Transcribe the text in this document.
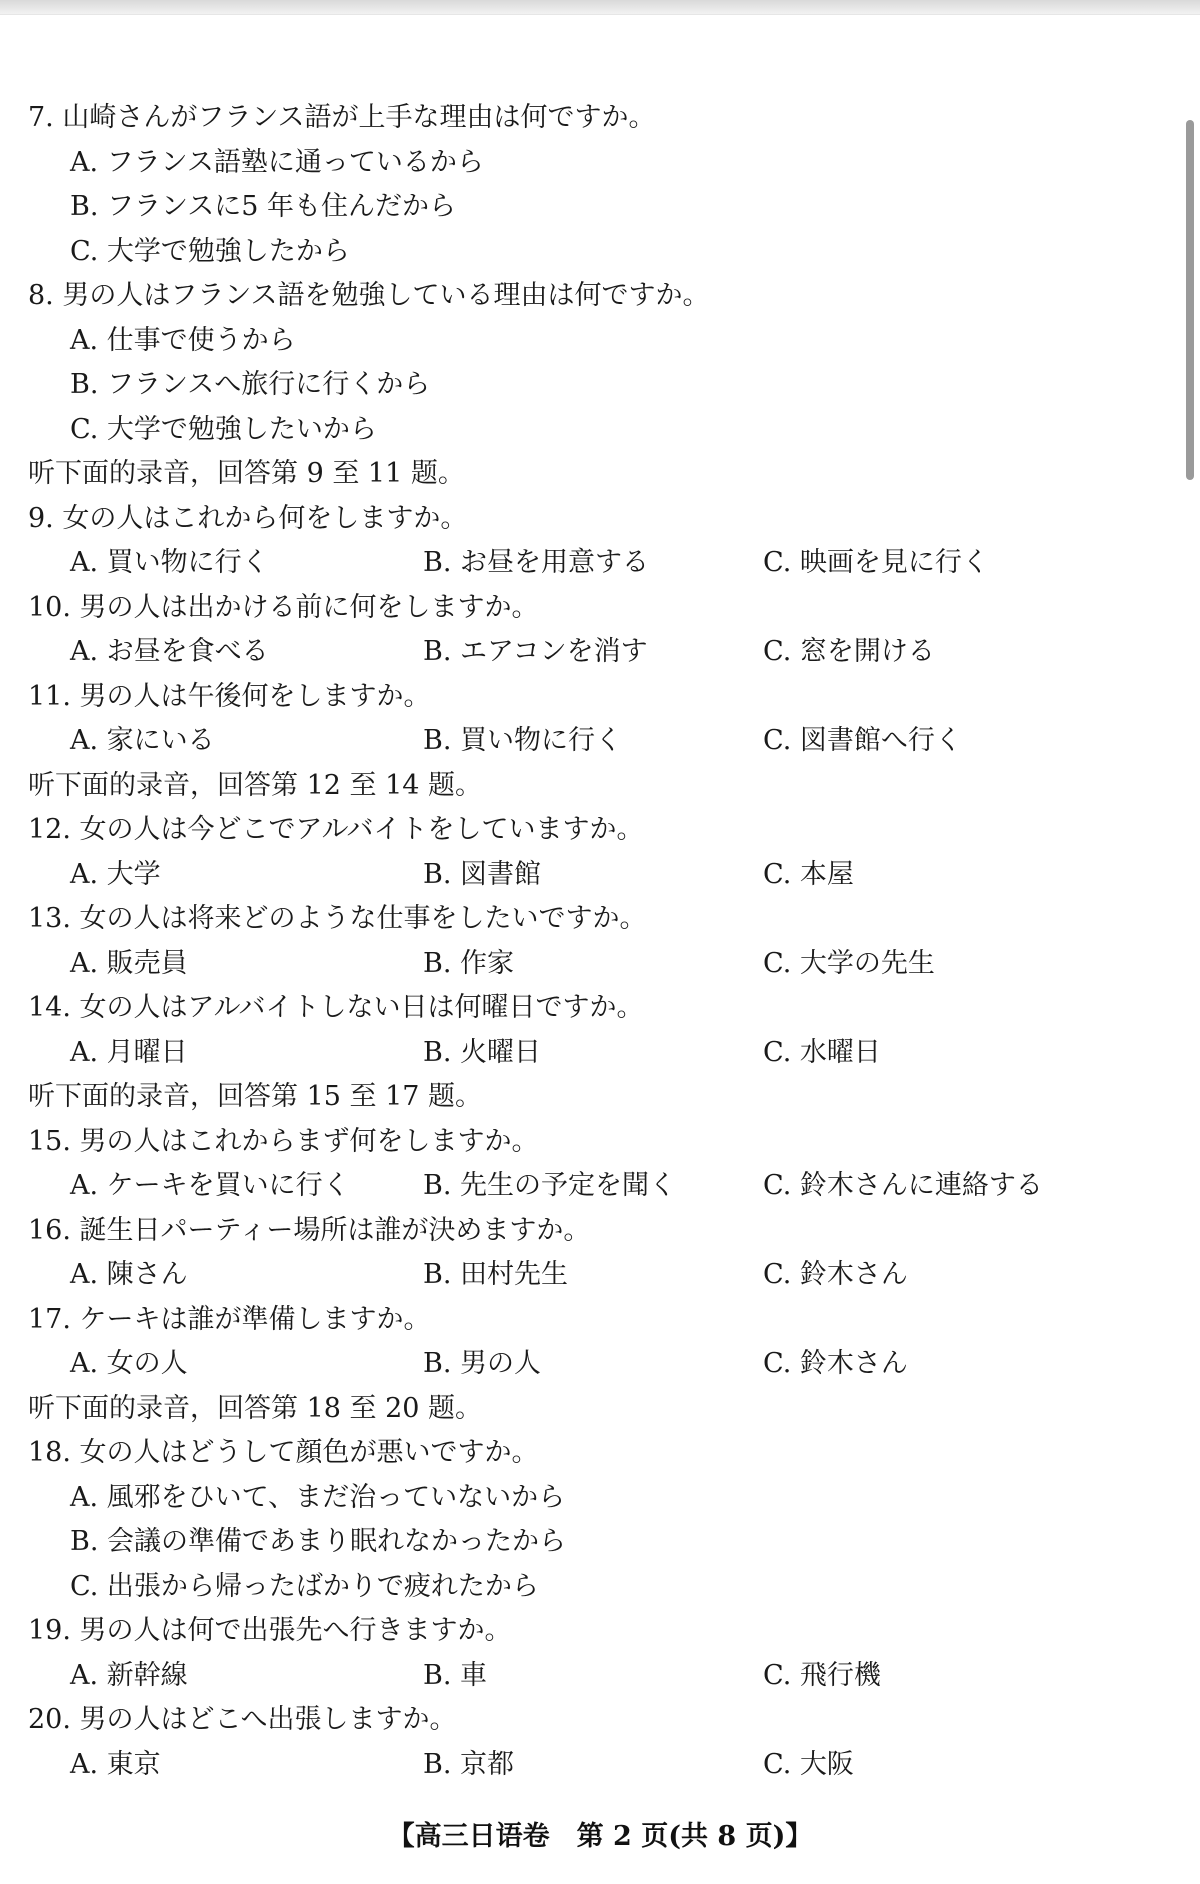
7. 山崎さんがフランス語が上手な理由は何ですか。
A. フランス語塾に通っているから
B. フランスに5 年も住んだから
C. 大学で勉強したから
8. 男の人はフランス語を勉強している理由は何ですか。
A. 仕事で使うから
B. フランスへ旅行に行くから
C. 大学で勉強したいから
听下面的录音，回答第 9 至 11 题。
9. 女の人はこれから何をしますか。
A. 買い物に行く	B. お昼を用意する	C. 映画を見に行く
10. 男の人は出かける前に何をしますか。
A. お昼を食べる	B. エアコンを消す	C. 窓を開ける
11. 男の人は午後何をしますか。
A. 家にいる	B. 買い物に行く	C. 図書館へ行く
听下面的录音，回答第 12 至 14 题。
12. 女の人は今どこでアルバイトをしていますか。
A. 大学	B. 図書館	C. 本屋
13. 女の人は将来どのような仕事をしたいですか。
A. 販売員	B. 作家	C. 大学の先生
14. 女の人はアルバイトしない日は何曜日ですか。
A. 月曜日	B. 火曜日	C. 水曜日
听下面的录音，回答第 15 至 17 题。
15. 男の人はこれからまず何をしますか。
A. ケーキを買いに行く	B. 先生の予定を聞く	C. 鈴木さんに連絡する
16. 誕生日パーティー場所は誰が決めますか。
A. 陳さん	B. 田村先生	C. 鈴木さん
17. ケーキは誰が準備しますか。
A. 女の人	B. 男の人	C. 鈴木さん
听下面的录音，回答第 18 至 20 题。
18. 女の人はどうして顔色が悪いですか。
A. 風邪をひいて、まだ治っていないから
B. 会議の準備であまり眠れなかったから
C. 出張から帰ったばかりで疲れたから
19. 男の人は何で出張先へ行きますか。
A. 新幹線	B. 車	C. 飛行機
20. 男の人はどこへ出張しますか。
A. 東京	B. 京都	C. 大阪
【高三日语卷　第 2 页(共 8 页)】
